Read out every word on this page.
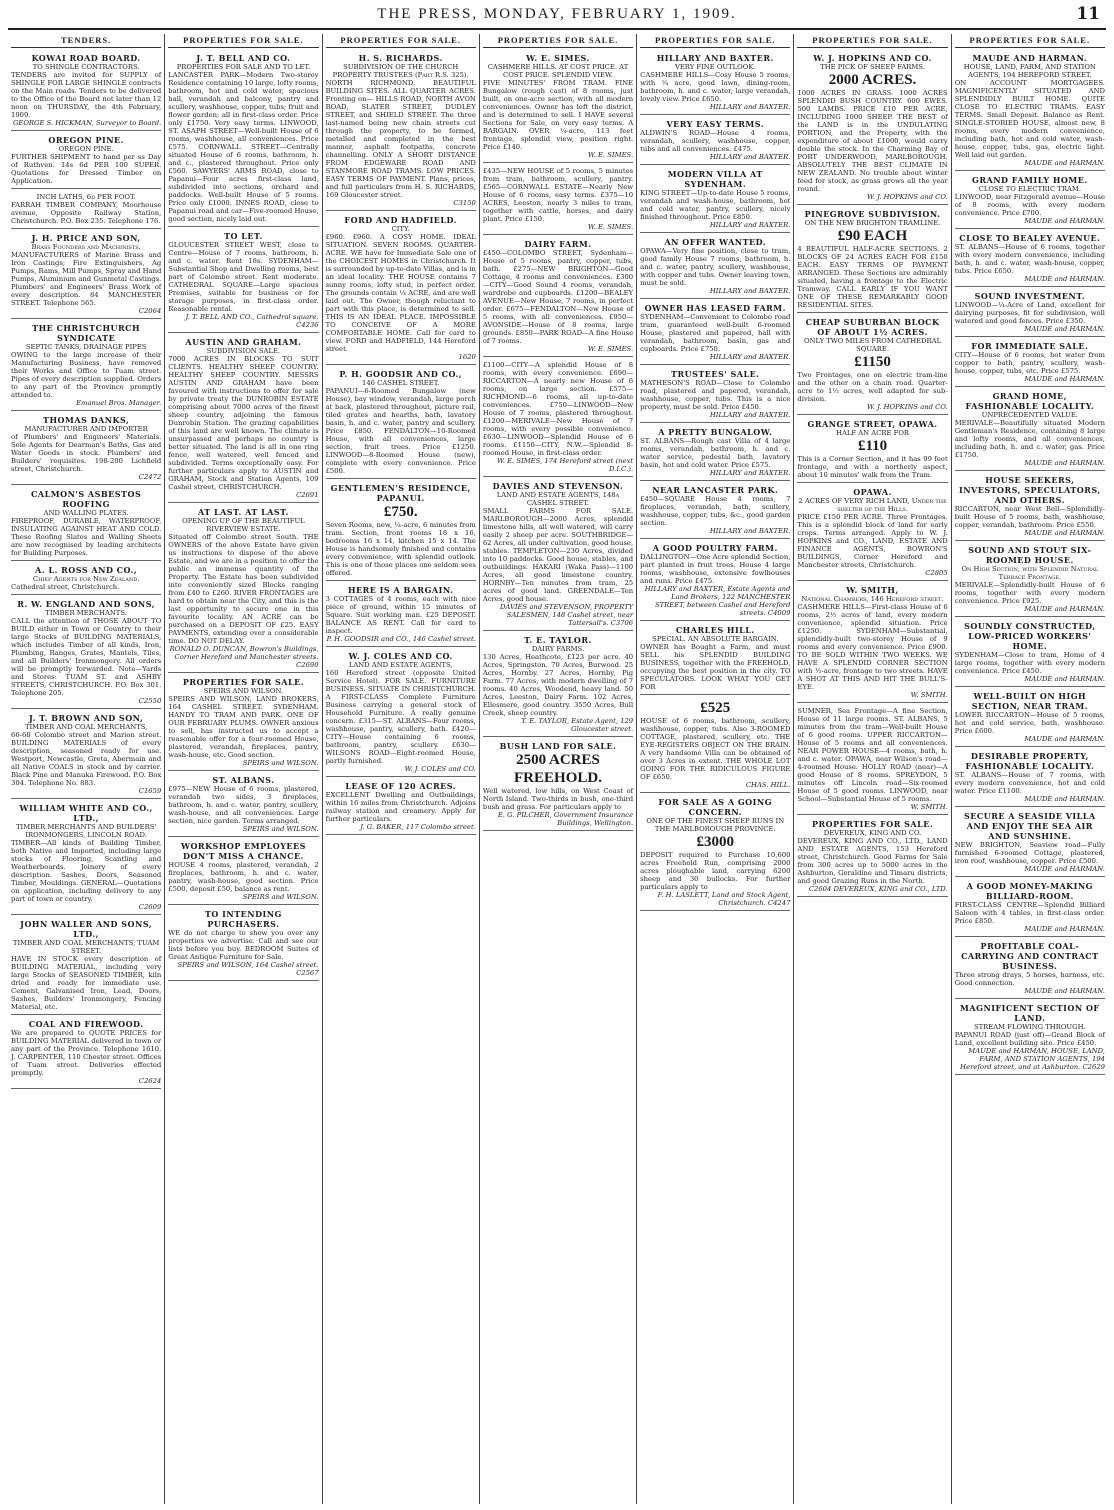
THE PRESS, MONDAY, FEBRUARY 1, 1909.	11
TENDERS.
KOWAI ROAD BOARD.
TO SHINGLE CONTRACTORS.
TENDERS are invited for SUPPLY of SHINGLE FOR LARGE SHINGLE contracts on the Main roads. Tenders to be delivered to the Office of the Board not later than 12 noon on THURSDAY, the 4th February, 1909.
GEORGE S. HICKMAN, Surveyor to Board.
OREGON PINE.
OREGON PINE.
FURTHER SHIPMENT to hand per ss Day of Ruthven. 14s 6d PER 100 SUPER. Quotations for Dressed Timber on Application.
INCH LATHS, 6d PER FOOT.
FARRAH TIMBER COMPANY, Moorhouse avenue, Opposite Railway Station, Christchurch. P.O. Box 235. Telephone 176.
J. H. PRICE AND SON,
Brass Founders and Machinists.
MANUFACTURERS of Marine Brass and Iron Castings; Fire Extinguishers, Ag Pumps, Rams, Mill Pumps, Spray and Hand Pumps, Aluminium and Gunmetal Castings. Plumbers' and Engineers' Brass Work of every description. 84 MANCHESTER STREET. Telephone 565.
C2064
THE CHRISTCHURCH SYNDICATE
SEPTIC TANKS, DRAINAGE PIPES
OWING to the large increase of their Manufacturing Business, have removed their Works and Office to Tuam street. Pipes of every description supplied. Orders to any part of the Province promptly attended to.
Emanuel Bros. Manager.
THOMAS DANKS,
MANUFACTURER AND IMPORTER
of Plumbers' and Engineers' Materials. Sole Agents for Dearman's Baths, Gas and Water Goods in stock. Plumbers' and Builders' requisites. 198-200 Lichfield street, Christchurch.
C2472
CALMON'S ASBESTOS ROOFING
AND WALLING PLATES.
FIREPROOF, DURABLE, WATERPROOF, INSULATING AGAINST HEAT AND COLD. These Roofing Slates and Walling Sheets are now recognised by leading architects for Building Purposes.
A. L. ROSS AND CO.,
Chief Agents for New Zealand.
Cathedral street, Christchurch.
R. W. ENGLAND AND SONS,
TIMBER MERCHANTS.
CALL the attention of THOSE ABOUT TO BUILD either in Town or Country to their large Stocks of BUILDING MATERIALS, which includes Timber of all kinds, Iron, Plumbing, Ranges, Grates, Mantels, Tiles, and all Builders' Ironmongery. All orders will be promptly forwarded. Note—Yards and Stores: TUAM ST. and ASHBY STREETS, CHRISTCHURCH. P.O. Box 301. Telephone 205.
C2550
J. T. BROWN AND SON,
TIMBER AND COAL MERCHANTS,
66-68 Colombo street and Marion street. BUILDING MATERIALS of every description, seasoned ready for use. Westport, Newcastle, Greta, Abermain and all Native COALS in stock and by carrier. Black Pine and Manuka Firewood. P.O. Box 304. Telephone No. 883.
C1659
WILLIAM WHITE AND CO., LTD.,
TIMBER MERCHANTS AND BUILDERS' IRONMONGERS, LINCOLN ROAD.
TIMBER—All kinds of Building Timber, both Native and Imported, including large stocks of Flooring, Scantling and Weatherboards. Joinery of every description. Sashes, Doors, Seasoned Timber, Mouldings. GENERAL—Quotations on application, including delivery to any part of town or country.
C2609
JOHN WALLER AND SONS, LTD.,
TIMBER AND COAL MERCHANTS, TUAM STREET.
HAVE IN STOCK every description of BUILDING MATERIAL, including very large Stocks of SEASONED TIMBER, kiln dried and ready for immediate use. Cement, Galvanised Iron, Lead, Doors, Sashes, Builders' Ironmongery, Fencing Material, etc.
COAL AND FIREWOOD.
We are prepared to QUOTE PRICES for BUILDING MATERIAL delivered in town or any part of the Province. Telephone 1610. J. CARPENTER, 110 Chester street. Offices of Tuam street. Deliveries effected promptly.
C2624
PROPERTIES FOR SALE.
J. T. BELL AND CO.
PROPERTIES FOR SALE AND TO LET.
LANCASTER PARK—Modern Two-storey Residence containing 10 large, lofty rooms, bathroom, hot and cold water, spacious hall, verandah and balcony, pantry and scullery, washhouse, copper, tubs; fruit and flower garden; all in first-class order. Price only £1750. Very easy terms. LINWOOD, ST. ASAPH STREET—Well-built House of 6 rooms, washhouse, all conveniences. Price £575. CORNWALL STREET—Centrally situated House of 6 rooms, bathroom, h. and c., plastered throughout. Price only £560. SAWYERS' ARMS ROAD, close to Papanui—Four acres first-class land, subdivided into sections, orchard and paddocks. Well-built House of 5 rooms. Price only £1000. INNES ROAD, close to Papanui road and car—Five-roomed House, good section, nicely laid out.
TO LET.
GLOUCESTER STREET WEST, close to Centre—House of 7 rooms, bathroom, h. and c. water. Rent 18s. SYDENHAM—Substantial Shop and Dwelling rooms, best part of Colombo street. Rent moderate. CATHEDRAL SQUARE—Large spacious Premises, suitable for business or for storage purposes, in first-class order. Reasonable rental.
J. T. BELL AND CO., Cathedral square. C4236
AUSTIN AND GRAHAM.
SUBDIVISION SALE.
7000 ACRES IN BLOCKS TO SUIT CLIENTS. HEALTHY SHEEP COUNTRY. HEALTHY SHEEP COUNTRY. MESSRS AUSTIN AND GRAHAM have been favoured with instructions to offer for sale by private treaty the DUNROBIN ESTATE comprising about 7000 acres of the finest sheep country, adjoining the famous Dunrobin Station. The grazing capabilities of this land are well known. The climate is unsurpassed and perhaps no country is better situated. The land is all in one ring fence, well watered, well fenced and subdivided. Terms exceptionally easy. For further particulars apply to AUSTIN and GRAHAM, Stock and Station Agents, 109 Cashel street, CHRISTCHURCH.
C2691
AT LAST. AT LAST.
OPENING UP OF THE BEAUTIFUL RIVERVIEW ESTATE.
Situated off Colombo street South. THE OWNERS of the above Estate have given us instructions to dispose of the above Estate, and we are in a position to offer the public an immense quantity of the Property. The Estate has been subdivided into conveniently sized Blocks ranging from £40 to £260. RIVER FRONTAGES are hard to obtain near the City, and this is the last opportunity to secure one in this favourite locality. AN ACRE can be purchased on a DEPOSIT OF £25. EASY PAYMENTS, extending over a considerable time. DO NOT DELAY.
RONALD O. DUNCAN, Bowron's Buildings, Corner Hereford and Manchester streets. C2690
PROPERTIES FOR SALE.
SPEIRS AND WILSON.
SPEIRS AND WILSON, LAND BROKERS, 164 CASHEL STREET. SYDENHAM. HANDY TO TRAM AND PARK. ONE OF OUR FEBRUARY PLUMS. OWNER anxious to sell, has instructed us to accept a reasonable offer for a four-roomed House, plastered, verandah, fireplaces, pantry, wash-house, etc. Good section.
SPEIRS and WILSON.
ST. ALBANS.
£975—NEW House of 6 rooms, plastered, verandah two sides, 3 fireplaces, bathroom, h. and c. water, pantry, scullery, wash-house, and all conveniences. Large section, nice garden. Terms arranged.
SPEIRS and WILSON.
WORKSHOP EMPLOYEES DON'T MISS A CHANCE.
HOUSE 4 rooms, plastered, verandah, 2 fireplaces, bathroom, h. and c. water, pantry, wash-house, good section. Price £500, deposit £50, balance as rent.
SPEIRS and WILSON.
TO INTENDING PURCHASERS.
WE do not charge to show you over any properties we advertise. Call and see our lists before you buy. BEDROOM Suites of Great Antique Furniture for Sale.
SPEIRS and WILSON, 164 Cashel street. C2567
PROPERTIES FOR SALE.
H. S. RICHARDS.
SUBDIVISION OF THE CHURCH PROPERTY TRUSTEES (Part R.S. 325).
NORTH RICHMOND. BEAUTIFUL BUILDING SITES. ALL QUARTER ACRES. Fronting on— HILLS ROAD, NORTH AVON ROAD, SLATER STREET, DUDLEY STREET, and SHIELD STREET. The three last-named being new chain streets cut through the property, to be formed, metalled and completed in the best manner, asphalt footpaths, concrete channelling. ONLY A SHORT DISTANCE FROM EDGEWARE ROAD AND STANMORE ROAD TRAMS. LOW PRICES. EASY TERMS OF PAYMENT. Plans, prices, and full particulars from H. S. RICHARDS, 169 Gloucester street.
C3150
FORD AND HADFIELD.
CITY.
£960. £960. A COSY HOME. IDEAL SITUATION. SEVEN ROOMS. QUARTER-ACRE. WE have for Immediate Sale one of the CHOICEST HOMES in Christchurch. It is surrounded by up-to-date Villas, and is in an ideal locality. THE HOUSE contains 7 sunny rooms, lofty stud, in perfect order. The grounds contain ¼ ACRE, and are well laid out. The Owner, though reluctant to part with this place, is determined to sell. THIS IS AN IDEAL PLACE. IMPOSSIBLE TO CONCEIVE OF A MORE COMFORTABLE HOME. Call for card to view. FORD and HADFIELD, 144 Hereford street.
1620
P. H. GOODSIR AND CO.,
146 CASHEL STREET.
PAPANUI—6-Roomed Bungalow (new House), bay window, verandah, large porch at back, plastered throughout, picture rail, tiled grates and hearths, bath, lavatory basin, h. and c. water, pantry and scullery. Price £850. FENDALTON—10-Roomed House, with all conveniences, large section, fruit trees. Price £1250. LINWOOD—8-Roomed House (new), complete with every convenience. Price £500.
GENTLEMEN'S RESIDENCE, PAPANUI.
£750.
Seven Rooms, new, ¼-acre, 6 minutes from tram. Section, front rooms 18 x 16, bedrooms 16 x 14, kitchen 15 x 14. The House is handsomely finished and contains every convenience, with splendid outlook. This is one of those places one seldom sees offered.
HERE IS A BARGAIN.
3 COTTAGES of 4 rooms, each with nice piece of ground, within 15 minutes of Square. Suit working man. £25 DEPOSIT. BALANCE AS RENT. Call for card to inspect.
P. H. GOODSIR and CO., 146 Cashel street.
W. J. COLES AND CO.
LAND AND ESTATE AGENTS,
160 Hereford street (opposite United Service Hotel). FOR SALE. FURNITURE BUSINESS. SITUATE IN CHRISTCHURCH. A FIRST-CLASS Complete Furniture Business carrying a general stock of Household Furniture. A really genuine concern. £315—ST. ALBANS—Four rooms, washhouse, pantry, scullery, bath. £420—CITY—House containing 6 rooms, bathroom, pantry, scullery. £630—WILSONS ROAD—Eight-roomed House, partly furnished.
W. J. COLES and CO.
LEASE OF 120 ACRES.
EXCELLENT Dwelling and Outbuildings, within 16 miles from Christchurch. Adjoins railway station and creamery. Apply for further particulars.
J. G. BAKER, 117 Colombo street.
PROPERTIES FOR SALE.
W. E. SIMES.
CASHMERE HILLS. AT COST PRICE. AT COST PRICE. SPLENDID VIEW.
FIVE MINUTES' FROM TRAM. FINE Bungalow (rough cast) of 8 rooms, just built, on one-acre section, with all modern conveniences. Owner has left the district, and is determined to sell. I HAVE several Sections for Sale, on very easy terms. A BARGAIN. OVER ¼-acre, 113 feet frontage, splendid view, position right. Price £140.
W. E. SIMES.
£435—NEW HOUSE of 5 rooms, 5 minutes from tram, bathroom, scullery, pantry. £565—CORNWALL ESTATE—Nearly New House of 6 rooms, easy terms. £375—10 ACRES, Leeston, nearly 3 miles to tram, together with cattle, horses, and dairy plant. Price £150.
W. E. SIMES.
DAIRY FARM.
£450—COLOMBO STREET, Sydenham—House of 5 rooms, pantry, copper, tubs, bath. £275—NEW BRIGHTON—Good Cottage, 4 rooms and conveniences. £300—CITY—Good Sound 4 rooms, verandah, wardrobe and cupboards. £1200—BEALEY AVENUE—New House, 7 rooms, in perfect order. £675—FENDALTON—New House of 5 rooms, with all conveniences. £950—AVONSIDE—House of 8 rooms, large grounds. £850—PARK ROAD—A fine House of 7 rooms.
W. E. SIMES.
£1100—CITY—A splendid House of 8 rooms, with every convenience. £690—RICCARTON—A nearly new House of 6 rooms, on large section. £575—RICHMOND—6 rooms, all up-to-date conveniences. £750—LINWOOD—New House of 7 rooms, plastered throughout. £1200—MERIVALE—New House of 7 rooms, with every possible convenience. £630—LINWOOD—Splendid House of 6 rooms. £1150—CITY, N.W.—Splendid 8-roomed House, in first-class order.
W. E. SIMES, 174 Hereford street (next D.I.C.).
DAVIES AND STEVENSON.
LAND AND ESTATE AGENTS, 148a CASHEL STREET.
SMALL FARMS FOR SALE. MARLBOROUGH—2000 Acres, splendid limestone hills, all well watered, will carry easily 2 sheep per acre. SOUTHBRIDGE—62 Acres, all under cultivation, good house, stables. TEMPLETON—230 Acres, divided into 10 paddocks. Good house, stables, and outbuildings. HAKARI (Waka Pass)—1100 Acres, all good limestone country. HORNBY—Ten minutes from tram, 25 acres of good land. GREENDALE—Ten Acres, good house.
DAVIES and STEVENSON, PROPERTY SALESMEN, 148 Cashel street, near Tattersall's. C3706
T. E. TAYLOR.
DAIRY FARMS.
130 Acres, Heathcote, £123 per acre. 40 Acres, Springston. 70 Acres, Burwood. 25 Acres, Hornby. 27 Acres, Hornby, Pig Farm. 77 Acres, with modern dwelling of 7 rooms. 40 Acres, Woodend, heavy land. 50 Acres, Leeston, Dairy Farm. 102 Acres, Ellesmere, good country. 3550 Acres, Bull Creek, sheep country.
T. E. TAYLOR, Estate Agent, 129 Gloucester street.
BUSH LAND FOR SALE.
2500 ACRES FREEHOLD.
Well watered, low hills, on West Coast of North Island. Two-thirds in bush, one-third bush and grass. For particulars apply to
E. G. PILCHER, Government Insurance Buildings, Wellington.
PROPERTIES FOR SALE.
HILLARY AND BAXTER.
VERY FINE OUTLOOK.
CASHMERE HILLS—Cosy House 5 rooms, with ¼ acre, good lawn, dining-room, bathroom, h. and c. water, large verandah, lovely view. Price £650.
HILLARY and BAXTER.
VERY EASY TERMS.
ALDWIN'S ROAD—House 4 rooms, verandah, scullery, washhouse, copper, tubs and all conveniences. £475.
HILLARY and BAXTER.
MODERN VILLA AT SYDENHAM.
KING STREET—Up-to-date House 5 rooms, verandah and wash-house, bathroom, hot and cold water, pantry, scullery, nicely finished throughout. Price £850.
HILLARY and BAXTER.
AN OFFER WANTED.
OPAWA—Very fine position, close to tram, good family House 7 rooms, bathroom, h. and c. water, pantry, scullery, washhouse, with copper and tubs. Owner leaving town, must be sold.
HILLARY and BAXTER.
OWNER HAS LEASED FARM.
SYDENHAM—Convenient to Colombo road tram, guaranteed well-built 6-roomed House, plastered and papered, hall with verandah, bathroom, basin, gas and cupboards. Price £750.
HILLARY and BAXTER.
TRUSTEES' SALE.
MATHESON'S ROAD—Close to Colombo road, plastered and papered, verandah, washhouse, copper, tubs. This is a nice property, must be sold. Price £450.
HILLARY and BAXTER.
A PRETTY BUNGALOW.
ST. ALBANS—Rough cast Villa of 4 large rooms, verandah, bathroom, h. and c. water service, pedestal bath, lavatory basin, hot and cold water. Price £575.
HILLARY and BAXTER.
NEAR LANCASTER PARK.
£450—SQUARE House 4 rooms, 7 fireplaces, verandah, bath, scullery, washhouse, copper, tubs, &c., good garden section.
HILLARY and BAXTER.
A GOOD POULTRY FARM.
DALLINGTON—One Acre splendid Section, part planted in fruit trees. House 4 large rooms, washhouse, extensive fowlhouses and runs. Price £475.
HILLARY and BAXTER, Estate Agents and Land Brokers, 122 MANCHESTER STREET, between Cashel and Hereford streets. C4009
CHARLES HILL.
SPECIAL. AN ABSOLUTE BARGAIN.
OWNER has Bought a Farm, and must SELL his SPLENDID BUILDING BUSINESS, together with the FREEHOLD, occupying the best position in the city. TO SPECULATORS. LOOK WHAT YOU GET FOR
£525
HOUSE of 6 rooms, bathroom, scullery, washhouse, copper, tubs. Also 3-ROOMED COTTAGE, plastered, scullery, etc. THE EYE-REGISTERS OBJECT ON THE BRAIN. A very handsome Villa can be obtained of over 3 Acres in extent. THE WHOLE LOT GOING FOR THE RIDICULOUS FIGURE OF £650.
CHAS. HILL.
FOR SALE AS A GOING CONCERN.
ONE OF THE FINEST SHEEP RUNS IN THE MARLBOROUGH PROVINCE.
£3000
DEPOSIT required to Purchase 10,600 acres Freehold Run, comprising 2000 acres ploughable land, carrying 6200 sheep and 30 bullocks. For further particulars apply to
F. H. LASLETT, Land and Stock Agent, Christchurch. C4247
PROPERTIES FOR SALE.
W. J. HOPKINS AND CO.
THE PICK OF SHEEP FARMS.
2000 ACRES.
1000 ACRES IN GRASS. 1000 ACRES SPLENDID BUSH COUNTRY. 600 EWES. 500 LAMBS. PRICE £10 PER ACRE, INCLUDING 1000 SHEEP. THE BEST of the LAND is in the UNDULATING PORTION, and the Property, with the expenditure of about £1000, would carry double the stock. In the Charming Bay of PORT UNDERWOOD, MARLBOROUGH. ABSOLUTELY THE BEST CLIMATE IN NEW ZEALAND. No trouble about winter feed for stock, as grass grows all the year round.
W. J. HOPKINS and CO.
PINEGROVE SUBDIVISION.
ON THE NEW BRIGHTON TRAMLINE.
£90 EACH
4 BEAUTIFUL HALF-ACRE SECTIONS. 2 BLOCKS OF 24 ACRES EACH FOR £150 EACH. EASY TERMS OF PAYMENT ARRANGED. These Sections are admirably situated, having a frontage to the Electric Tramway. CALL EARLY IF YOU WANT ONE OF THESE REMARKABLY GOOD RESIDENTIAL SITES.
CHEAP SUBURBAN BLOCK OF ABOUT 1½ ACRES.
ONLY TWO MILES FROM CATHEDRAL SQUARE.
£1150
Two Frontages, one on electric tram-line and the other on a chain road. Quarter-acre to 1½ acres, well adapted for sub-division.
W. J. HOPKINS and CO.
GRANGE STREET, OPAWA.
HALF AN ACRE FOR
£110
This is a Corner Section, and it has 99 feet frontage, and with a northerly aspect, about 10 minutes' walk from the Tram.
OPAWA.
2 ACRES OF VERY RICH LAND, Under the shelter of the Hills.
PRICE £150 PER ACRE. Three Frontages. This is a splendid block of land for early crops. Terms arranged. Apply to W. J. HOPKINS and CO., LAND, ESTATE AND FINANCE AGENTS, BOWRON'S BUILDINGS, Corner Hereford and Manchester streets, Christchurch.
C2805
W. SMITH,
National Chambers, 146 Hereford street.
CASHMERE HILLS—First-class House of 6 rooms, 2½ acres of land, every modern convenience, splendid situation. Price £1250. SYDENHAM—Substantial, splendidly-built two-storey House of 9 rooms and every convenience. Price £900. TO BE SOLD WITHIN TWO WEEKS. WE HAVE A SPLENDID CORNER SECTION with ½-acre, frontage to two streets. HAVE A SHOT AT THIS AND HIT THE BULL'S-EYE.
W. SMITH.
SUMNER, Sea Frontage—A fine Section, House of 11 large rooms. ST. ALBANS, 5 minutes from the tram—Well-built House of 6 good rooms. UPPER RICCARTON—House of 5 rooms and all conveniences. NEAR POWER HOUSE—4 rooms, bath, h. and c. water. OPAWA, near Wilson's road—4-roomed House. HOLLY ROAD (near)—A good House of 8 rooms. SPREYDON, 5 minutes off Lincoln road—Six-roomed House of 5 good rooms. LINWOOD, near School—Substantial House of 5 rooms.
W. SMITH.
PROPERTIES FOR SALE.
DEVEREUX, KING AND CO.
DEVEREUX, KING AND CO., LTD., LAND AND ESTATE AGENTS, 153 Hereford street, Christchurch. Good Farms for Sale from 300 acres up to 5000 acres in the Ashburton, Geraldine and Timaru districts, and good Grazing Runs in the North.
C2604 DEVEREUX, KING and CO., LTD.
PROPERTIES FOR SALE.
MAUDE AND HARMAN.
HOUSE, LAND, FARM, AND STATION AGENTS, 194 HEREFORD STREET.
ON ACCOUNT MORTGAGEES. MAGNIFICENTLY SITUATED AND SPLENDIDLY BUILT HOME. QUITE CLOSE TO ELECTRIC TRAMS. EASY TERMS. Small Deposit. Balance as Rent. SINGLE-STORIED HOUSE, almost new, 8 rooms, every modern convenience, including bath, hot and cold water, wash-house, copper, tubs, gas, electric light. Well laid out garden.
MAUDE and HARMAN.
GRAND FAMILY HOME.
CLOSE TO ELECTRIC TRAM.
LINWOOD, near Fitzgerald avenue—House of 8 rooms, with every modern convenience. Price £700.
MAUDE and HARMAN.
CLOSE TO BEALEY AVENUE.
ST. ALBANS—House of 6 rooms, together with every modern convenience, including bath, h. and c. water, wash-house, copper, tubs. Price £650.
MAUDE and HARMAN.
SOUND INVESTMENT.
LINWOOD—¼-Acre of Land, excellent for dairying purposes, fit for subdivision, well watered and good fences. Price £350.
MAUDE and HARMAN.
FOR IMMEDIATE SALE.
CITY—House of 6 rooms, hot water from copper to bath, pantry, scullery, wash-house, copper, tubs, etc. Price £575.
MAUDE and HARMAN.
GRAND HOME, FASHIONABLE LOCALITY.
UNPRECEDENTED VALUE.
MERIVALE—Beautifully situated Modern Gentleman's Residence, containing 8 large and lofty rooms, and all conveniences, including bath, h. and c. water, gas. Price £1750.
MAUDE and HARMAN.
HOUSE SEEKERS, INVESTORS, SPECULATORS, AND OTHERS.
RICCARTON, near West Bell—Splendidly-built House of 5 rooms, bath, washhouse, copper, verandah, bathroom. Price £550.
MAUDE and HARMAN.
SOUND AND STOUT SIX-ROOMED HOUSE.
On High Section, with Splendid Natural Terrace Frontage.
MERIVALE—Splendidly-built House of 6 rooms, together with every modern convenience. Price £925.
MAUDE and HARMAN.
SOUNDLY CONSTRUCTED, LOW-PRICED WORKERS' HOME.
SYDENHAM—Close to tram, Home of 4 large rooms, together with every modern convenience. Price £450.
MAUDE and HARMAN.
WELL-BUILT ON HIGH SECTION, NEAR TRAM.
LOWER RICCARTON—House of 5 rooms, hot and cold service, bath, washhouse. Price £600.
MAUDE and HARMAN.
DESIRABLE PROPERTY, FASHIONABLE LOCALITY.
ST. ALBANS—House of 7 rooms, with every modern convenience, hot and cold water. Price £1100.
MAUDE and HARMAN.
SECURE A SEASIDE VILLA AND ENJOY THE SEA AIR AND SUNSHINE.
NEW BRIGHTON, Seaview road—Fully furnished 6-roomed Cottage, plastered, iron roof, washhouse, copper. Price £500.
MAUDE and HARMAN.
A GOOD MONEY-MAKING BILLIARD-ROOM.
FIRST-CLASS CENTRE—Splendid Billiard Saloon with 4 tables, in first-class order. Price £850.
MAUDE and HARMAN.
PROFITABLE COAL-CARRYING AND CONTRACT BUSINESS.
Three strong drays, 5 horses, harness, etc. Good connection.
MAUDE and HARMAN.
MAGNIFICENT SECTION OF LAND.
STREAM FLOWING THROUGH.
PAPANUI ROAD (just off)—Grand Block of Land, excellent building site. Price £450.
MAUDE and HARMAN, HOUSE, LAND, FARM, AND STATION AGENTS, 194 Hereford street, and at Ashburton. C2629
